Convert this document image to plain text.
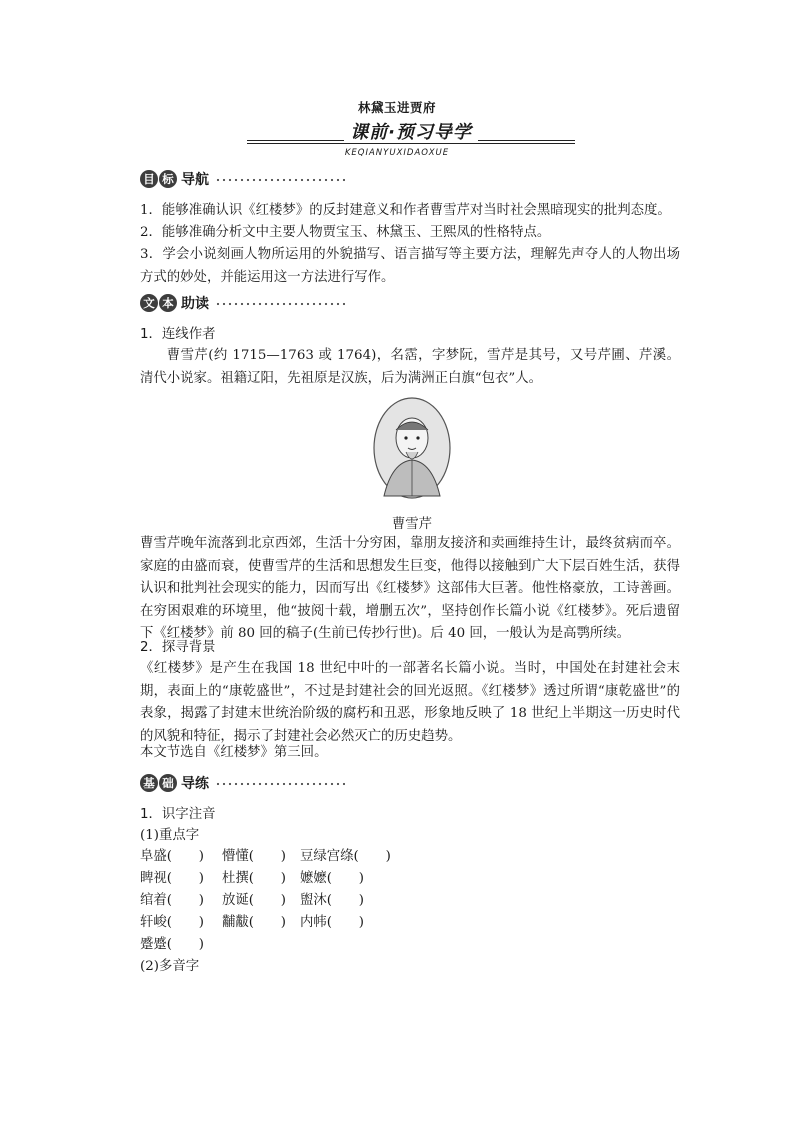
林黛玉进贾府
课前·预习导学
KEQIANYUXIDAOXUE
目 标 导航

1．能够准确认识《红楼梦》的反封建意义和作者曹雪芹对当时社会黑暗现实的批判态度。

2．能够准确分析文中主要人物贾宝玉、林黛玉、王熙凤的性格特点。

3．学会小说刻画人物所运用的外貌描写、语言描写等主要方法，理解先声夺人的人物出场方式的妙处，并能运用这一方法进行写作。

文 本 助读

1．连线作者

曹雪芹(约 1715—1763 或 1764)，名霑，字梦阮，雪芹是其号，又号芹圃、芹溪。清代小说家。祖籍辽阳，先祖原是汉族，后为满洲正白旗“包衣”人。

曹雪芹

曹雪芹晚年流落到北京西郊，生活十分穷困，靠朋友接济和卖画维持生计，最终贫病而卒。家庭的由盛而衰，使曹雪芹的生活和思想发生巨变，他得以接触到广大下层百姓生活，获得认识和批判社会现实的能力，因而写出《红楼梦》这部伟大巨著。他性格豪放，工诗善画。在穷困艰难的环境里，他“披阅十载，增删五次”，坚持创作长篇小说《红楼梦》。死后遗留下《红楼梦》前 80 回的稿子(生前已传抄行世)。后 40 回，一般认为是高鹗所续。

2．探寻背景

《红楼梦》是产生在我国 18 世纪中叶的一部著名长篇小说。当时，中国处在封建社会末期，表面上的“康乾盛世”，不过是封建社会的回光返照。《红楼梦》透过所谓“康乾盛世”的表象，揭露了封建末世统治阶级的腐朽和丑恶，形象地反映了 18 世纪上半期这一历史时代的风貌和特征，揭示了封建社会必然灭亡的历史趋势。

本文节选自《红楼梦》第三回。

基 础 导练

1．识字注音

(1)重点字

阜盛(　　)	懵懂(　　)	豆绿宫绦(　　)
睥视(　　)	杜撰(　　)	嬷嬷(　　)
绾着(　　)	放诞(　　)	盥沐(　　)
轩峻(　　)	黼黻(　　)	内帏(　　)
蹙蹙(　　)

(2)多音字
